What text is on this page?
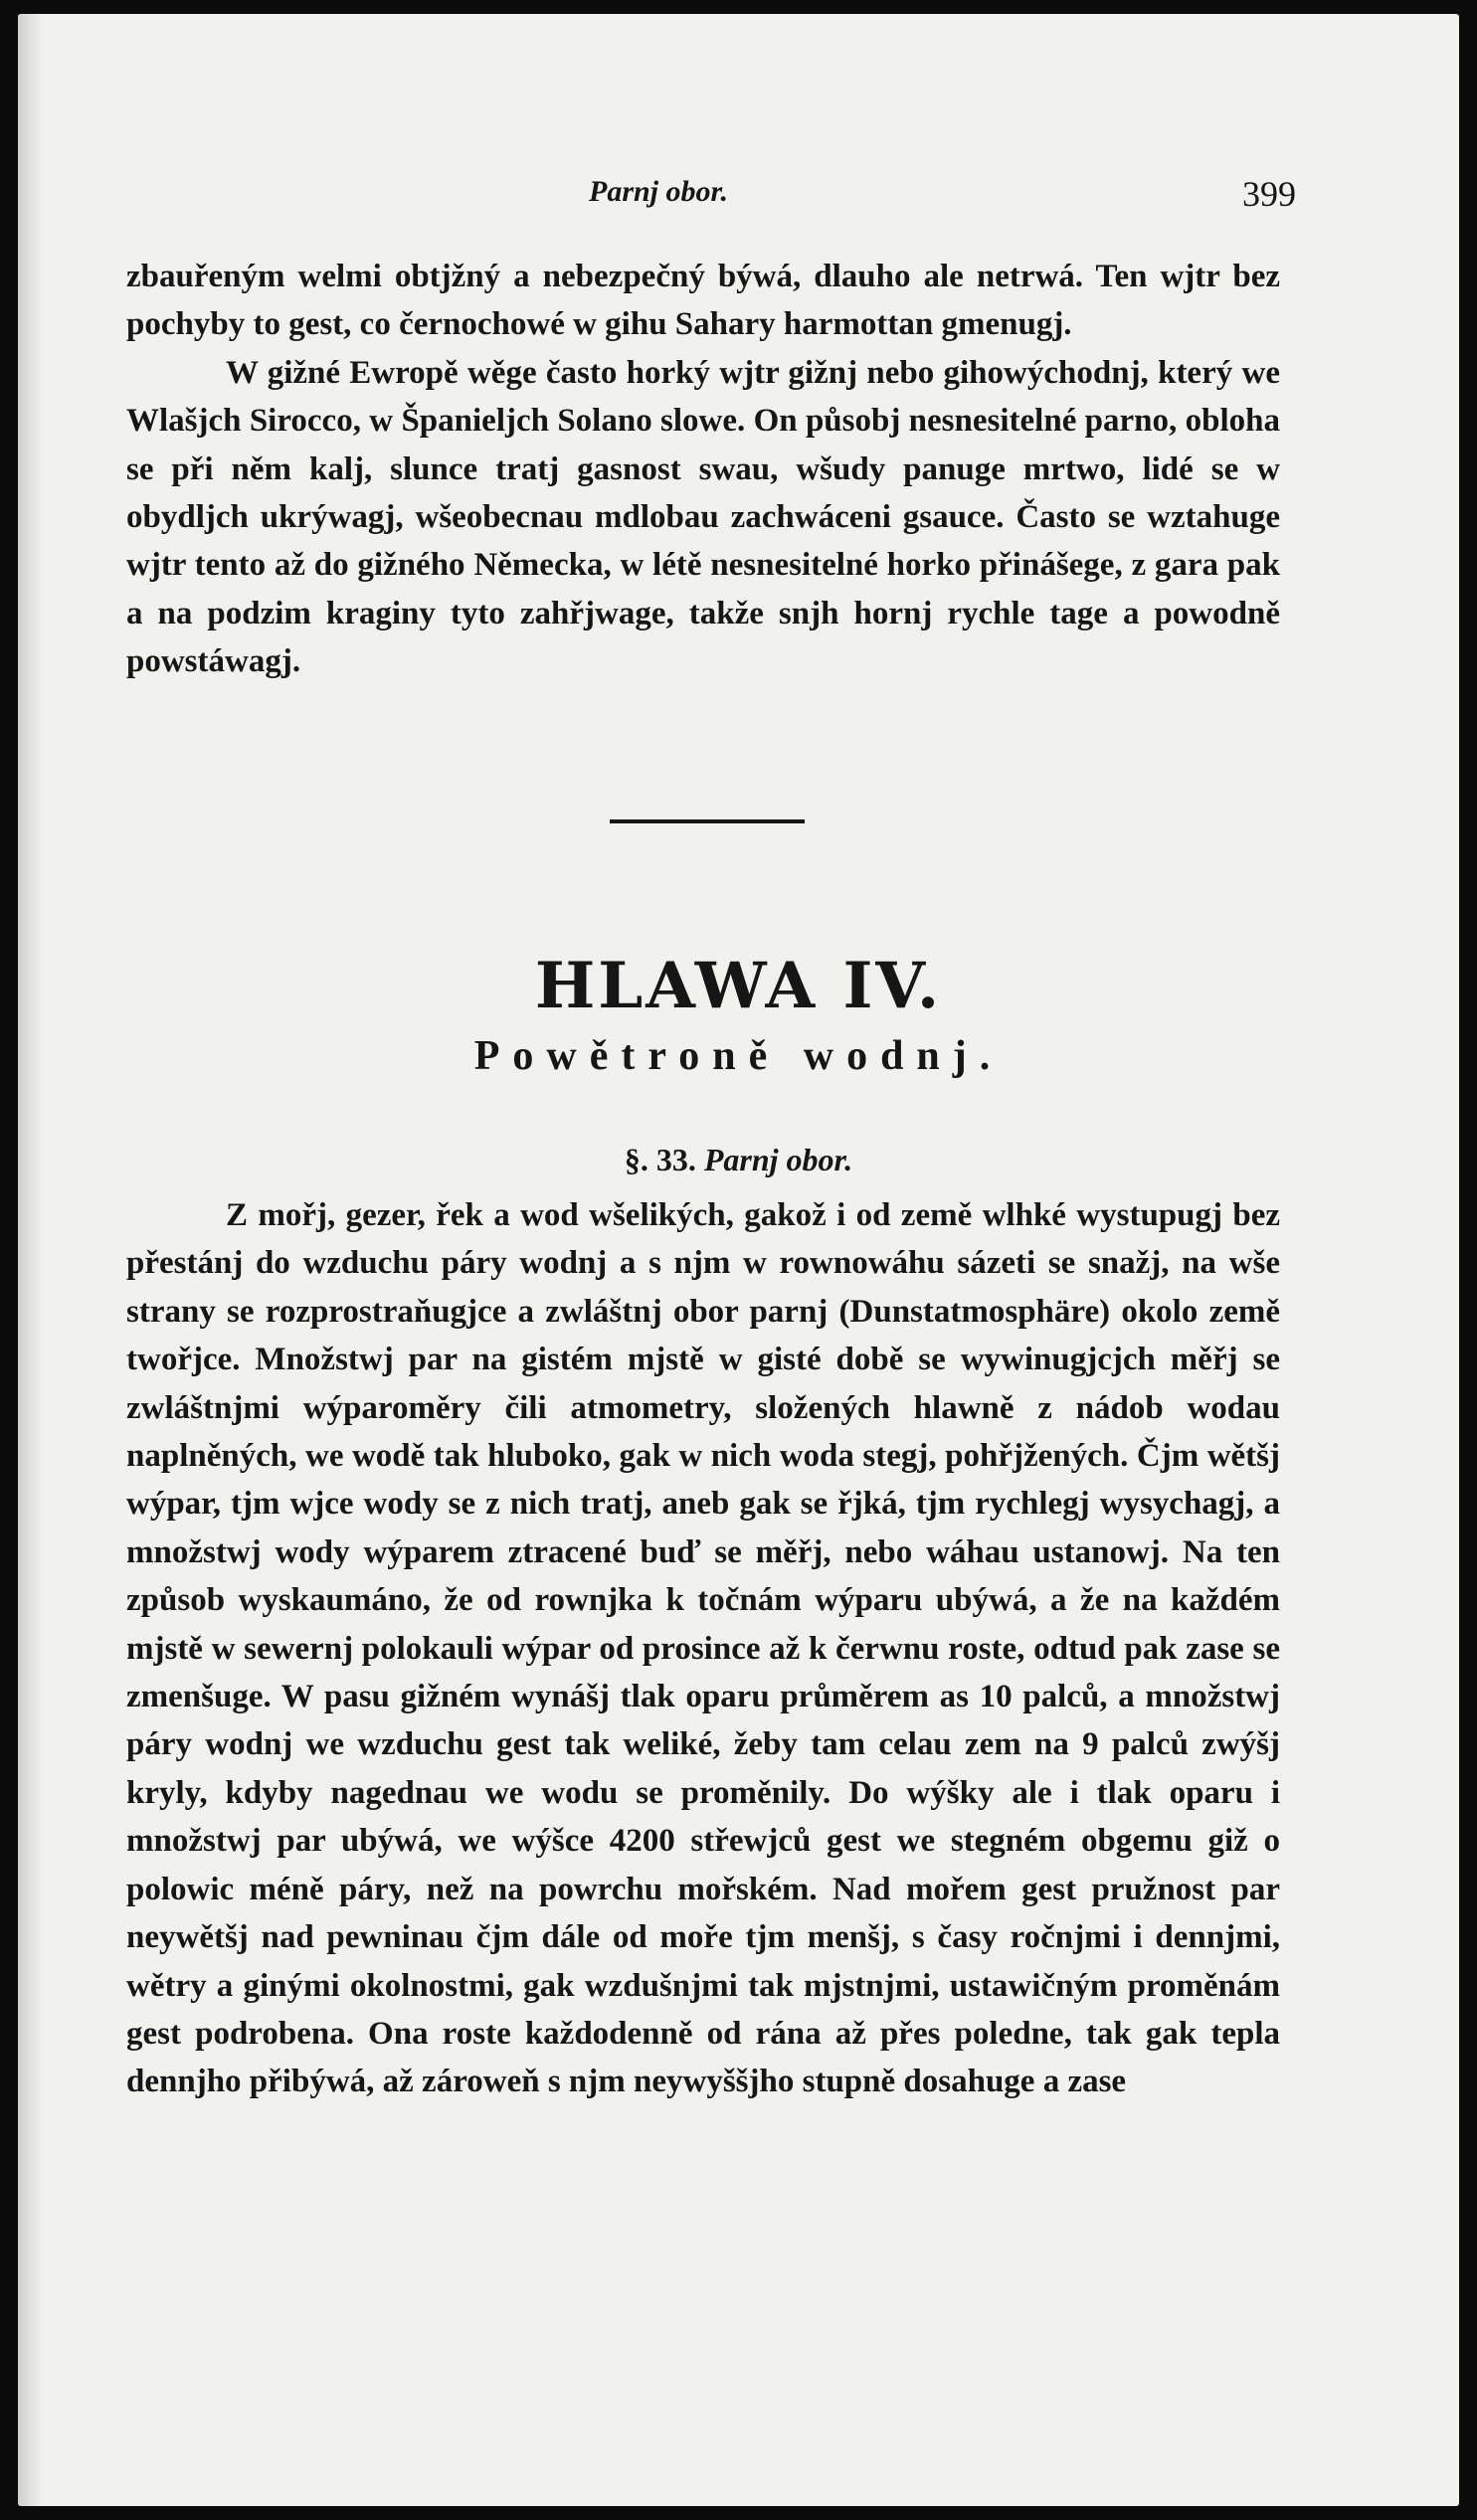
Parnj obor.	399

zbauřeným welmi obtjžný a nebezpečný býwá, dlauho ale netrwá. Ten wjtr bez pochyby to gest, co černochowé w gihu Sahary harmottan gmenugj.

W gižné Ewropě wěge často horký wjtr gižnj nebo gihowýchodnj, který we Wlašjch Sirocco, w Španieljch Solano slowe. On působj nesnesitelné parno, obloha se při něm kalj, slunce tratj gasnost swau, wšudy panuge mrtwo, lidé se w obydljch ukrýwagj, wšeobecnau mdlobau zachwáceni gsauce. Často se wztahuge wjtr tento až do gižného Německa, w létě nesnesitelné horko přinášege, z gara pak a na podzim kraginy tyto zahřjwage, takže snjh hornj rychle tage a powodně powstáwagj.

HLAWA IV.
Powětroně wodnj.
§. 33. Parnj obor.

Z mořj, gezer, řek a wod wšelikých, gakož i od země wlhké wystupugj bez přestánj do wzduchu páry wodnj a s njm w rownowáhu sázeti se snažj, na wše strany se rozprostraňugjce a zwláštnj obor parnj (Dunstatmosphäre) okolo země twořjce. Množstwj par na gistém mjstě w gisté době se wywinugjcjch měřj se zwláštnjmi wýparoměry čili atmometry, složených hlawně z nádob wodau naplněných, we wodě tak hluboko, gak w nich woda stegj, pohřjžených. Čjm wětšj wýpar, tjm wjce wody se z nich tratj, aneb gak se řjká, tjm rychlegj wysychagj, a množstwj wody wýparem ztracené buď se měřj, nebo wáhau ustanowj. Na ten způsob wyskaumáno, že od rownjka k točnám wýparu ubýwá, a že na každém mjstě w sewernj polokauli wýpar od prosince až k čerwnu roste, odtud pak zase se zmenšuge. W pasu gižném wynášj tlak oparu průměrem as 10 palců, a množstwj páry wodnj we wzduchu gest tak weliké, žeby tam celau zem na 9 palců zwýšj kryly, kdyby nagednau we wodu se proměnily. Do wýšky ale i tlak oparu i množstwj par ubýwá, we wýšce 4200 střewjců gest we stegném obgemu giž o polowic méně páry, než na powrchu mořském. Nad mořem gest pružnost par neywětšj nad pewninau čjm dále od moře tjm menšj, s časy ročnjmi i dennjmi, wětry a ginými okolnostmi, gak wzdušnjmi tak mjstnjmi, ustawičným proměnám gest podrobena. Ona roste každodenně od rána až přes poledne, tak gak tepla dennjho přibýwá, až zároweň s njm neywyššjho stupně dosahuge a zase
